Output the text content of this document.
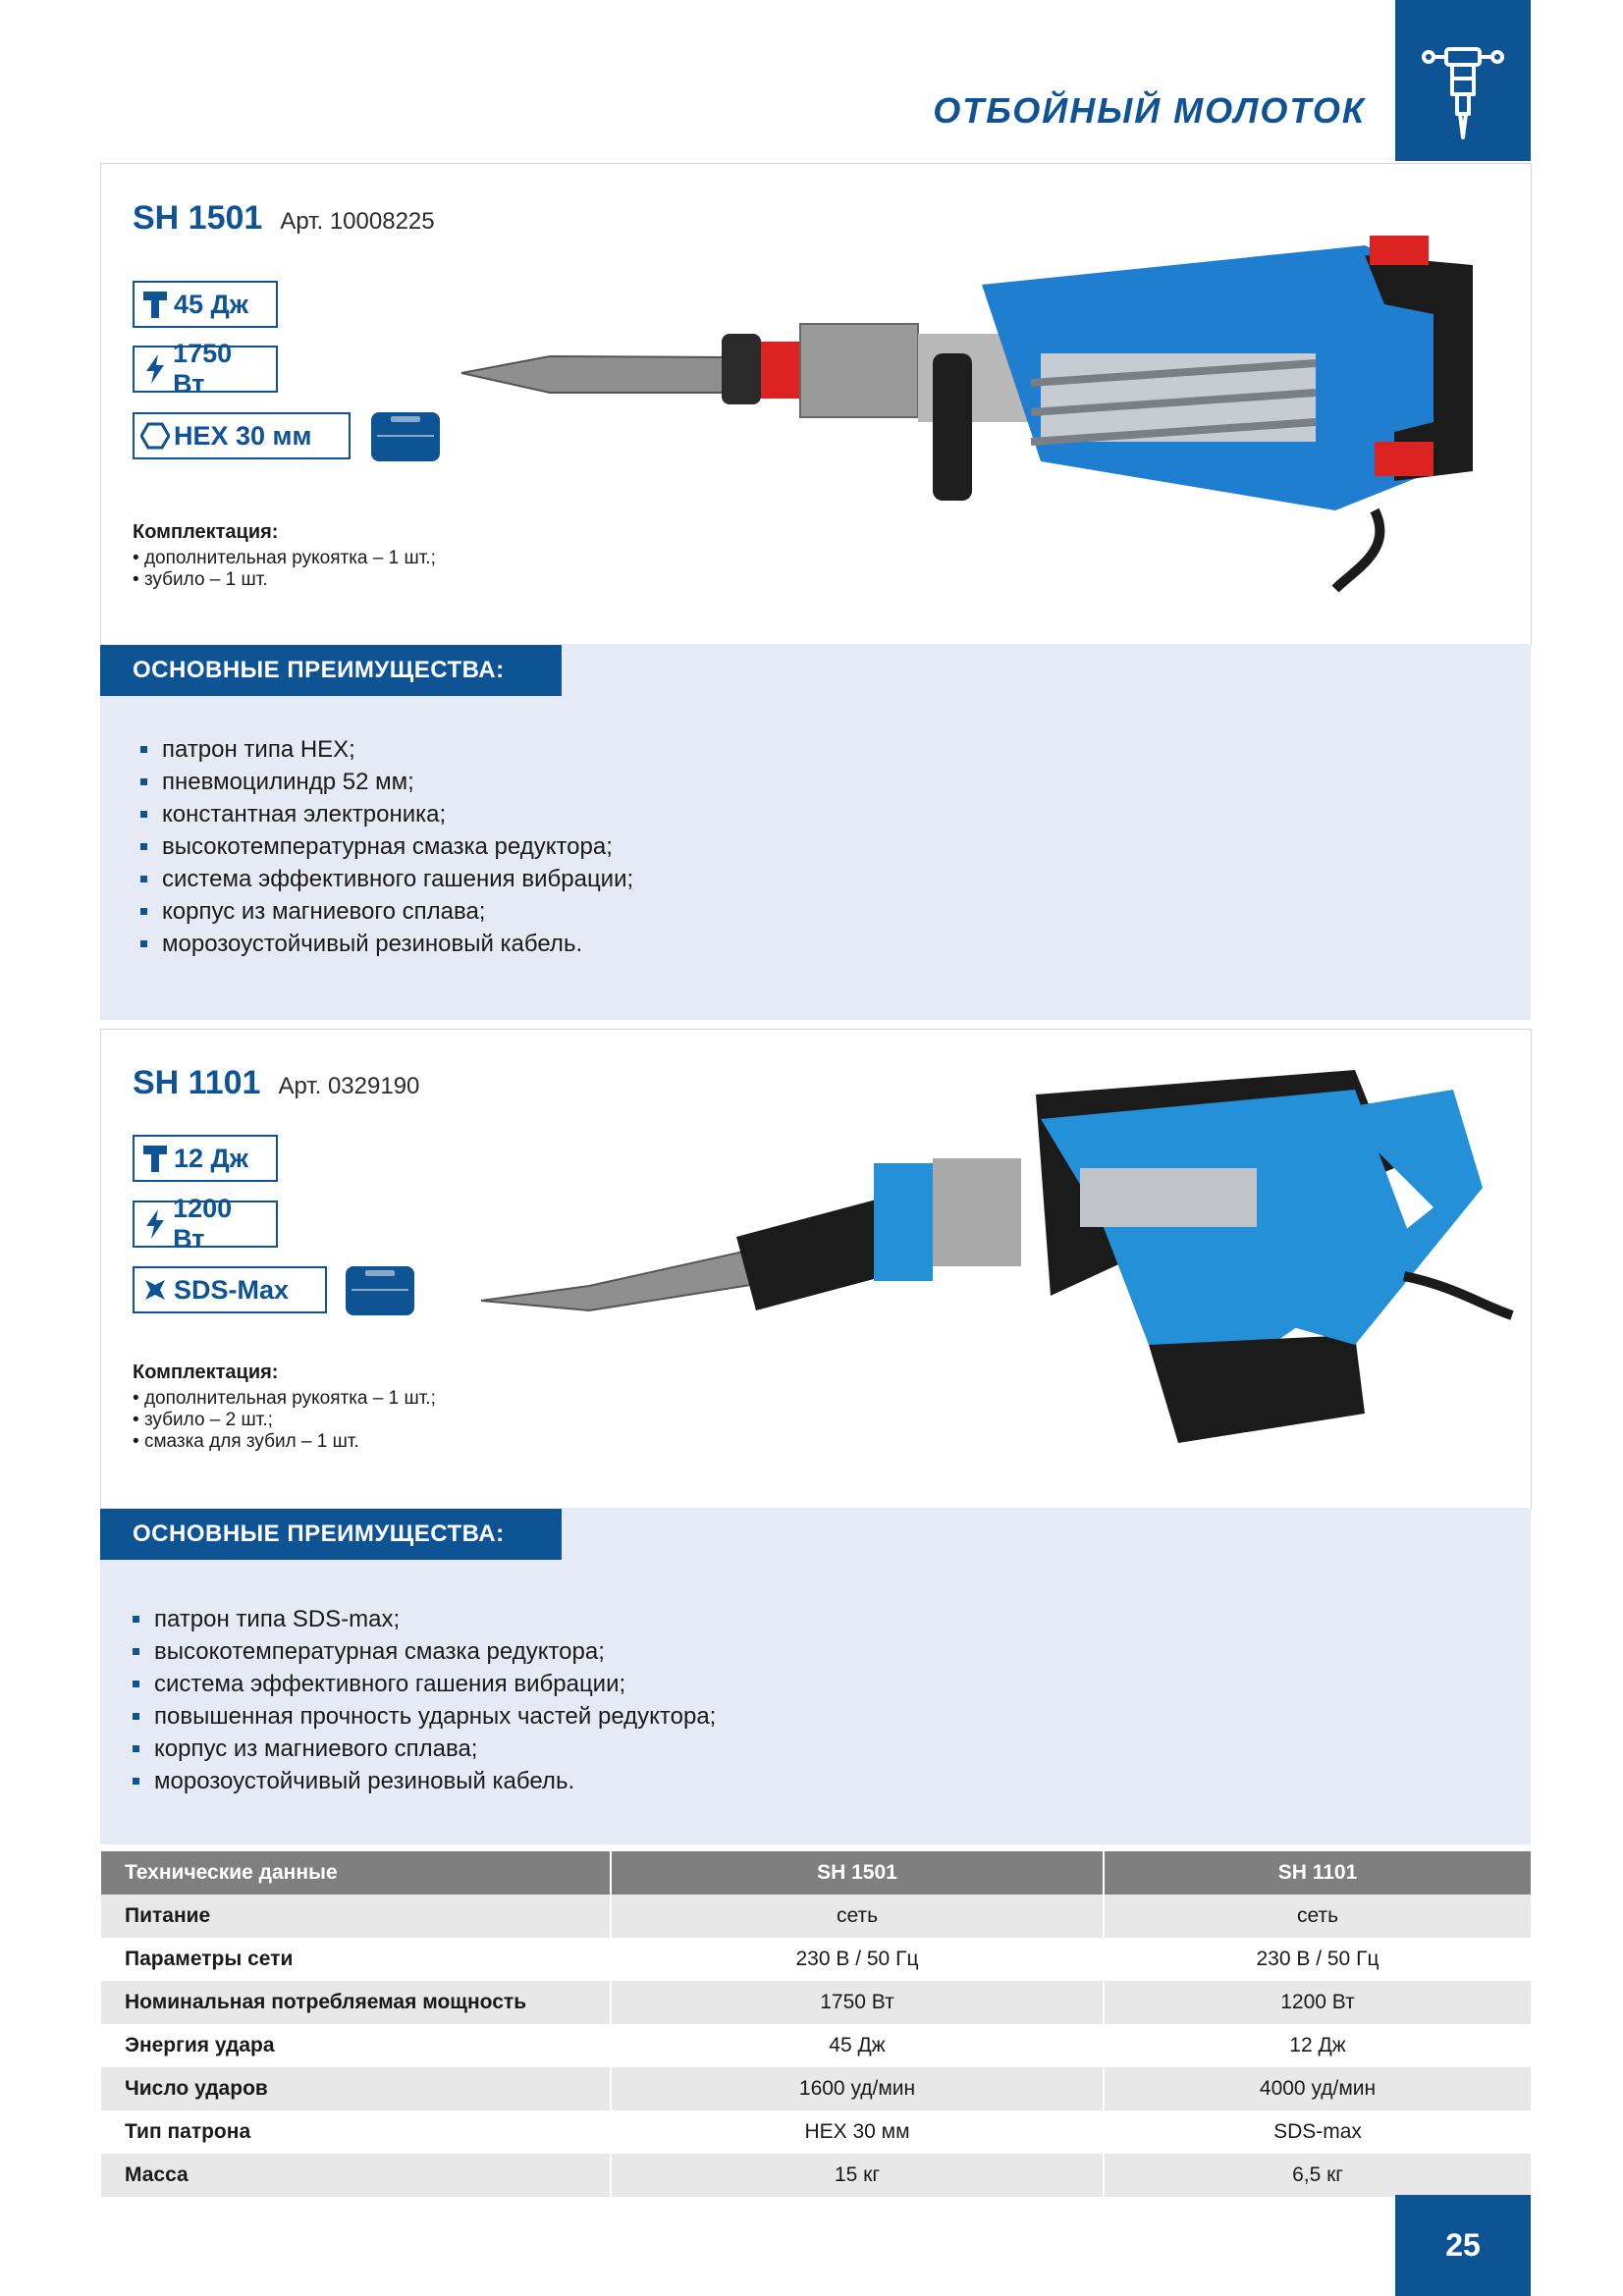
ОТБОЙНЫЙ МОЛОТОК
SH 1501 Арт. 10008225
45 Дж
1750 Вт
HEX 30 мм
Комплектация:
• дополнительная рукоятка – 1 шт.;
• зубило – 1 шт.
ОСНОВНЫЕ ПРЕИМУЩЕСТВА:
патрон типа HEX;
пневмоцилиндр 52 мм;
константная электроника;
высокотемпературная смазка редуктора;
система эффективного гашения вибрации;
корпус из магниевого сплава;
морозоустойчивый резиновый кабель.
SH 1101 Арт. 0329190
12 Дж
1200 Вт
SDS-Max
Комплектация:
• дополнительная рукоятка – 1 шт.;
• зубило – 2 шт.;
• смазка для зубил – 1 шт.
ОСНОВНЫЕ ПРЕИМУЩЕСТВА:
патрон типа SDS-max;
высокотемпературная смазка редуктора;
система эффективного гашения вибрации;
повышенная прочность ударных частей редуктора;
корпус из магниевого сплава;
морозоустойчивый резиновый кабель.
Технические данные	SH 1501	SH 1101
Питание	сеть	сеть
Параметры сети	230 В / 50 Гц	230 В / 50 Гц
Номинальная потребляемая мощность	1750 Вт	1200 Вт
Энергия удара	45 Дж	12 Дж
Число ударов	1600 уд/мин	4000 уд/мин
Тип патрона	HEX 30 мм	SDS-max
Масса	15 кг	6,5 кг
25
